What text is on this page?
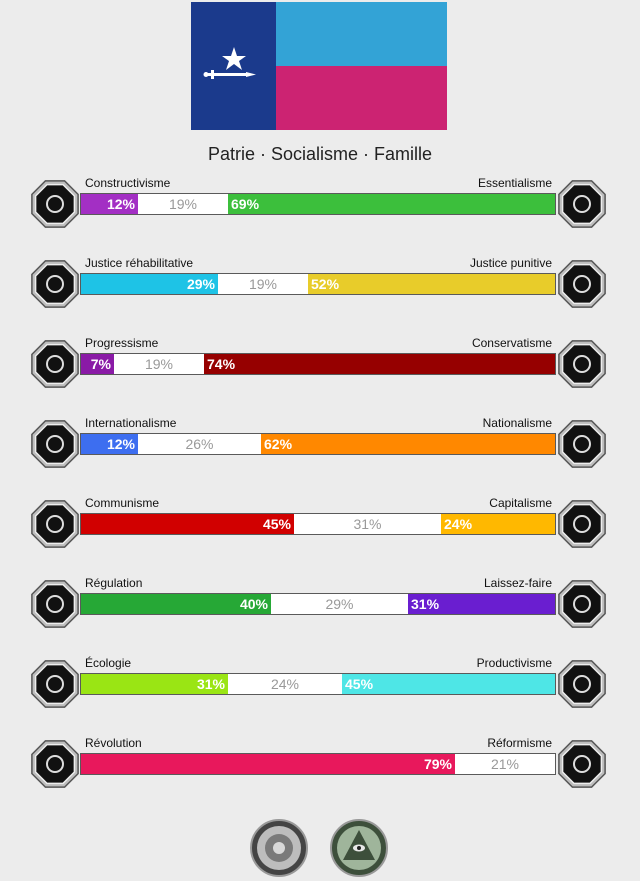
Patrie · Socialisme · Famille
Constructivisme	Essentialisme
12%	19%	69%
Justice réhabilitative	Justice punitive
29%	19%	52%
Progressisme	Conservatisme
7%	19%	74%
Internationalisme	Nationalisme
12%	26%	62%
Communisme	Capitalisme
45%	31%	24%
Régulation	Laissez-faire
40%	29%	31%
Écologie	Productivisme
31%	24%	45%
Révolution	Réformisme
79%	21%
